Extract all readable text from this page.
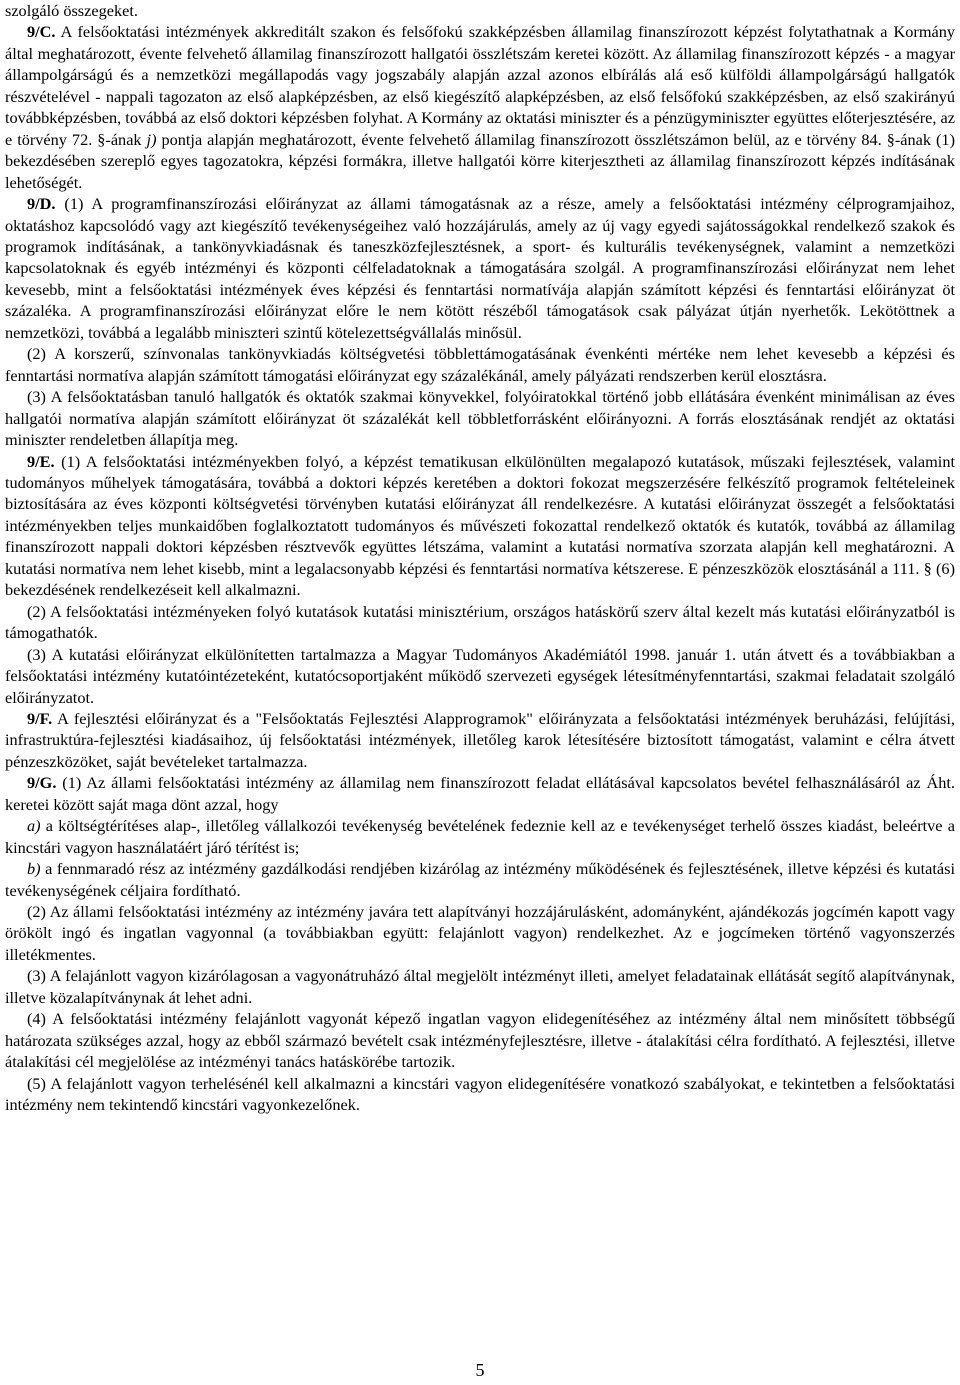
szolgáló összegeket.

9/C. A felsőoktatási intézmények akkreditált szakon és felsőfokú szakképzésben államilag finanszírozott képzést folytathatnak a Kormány által meghatározott, évente felvehető államilag finanszírozott hallgatói összlétszám keretei között. Az államilag finanszírozott képzés - a magyar állampolgárságú és a nemzetközi megállapodás vagy jogszabály alapján azzal azonos elbírálás alá eső külföldi állampolgárságú hallgatók részvételével - nappali tagozaton az első alapképzésben, az első kiegészítő alapképzésben, az első felsőfokú szakképzésben, az első szakirányú továbbképzésben, továbbá az első doktori képzésben folyhat. A Kormány az oktatási miniszter és a pénzügyminiszter együttes előterjesztésére, az e törvény 72. §-ának j) pontja alapján meghatározott, évente felvehető államilag finanszírozott összlétszámon belül, az e törvény 84. §-ának (1) bekezdésében szereplő egyes tagozatokra, képzési formákra, illetve hallgatói körre kiterjesztheti az államilag finanszírozott képzés indításának lehetőségét.

9/D. (1) A programfinanszírozási előirányzat az állami támogatásnak az a része, amely a felsőoktatási intézmény célprogramjaihoz, oktatáshoz kapcsolódó vagy azt kiegészítő tevékenységeihez való hozzájárulás, amely az új vagy egyedi sajátosságokkal rendelkező szakok és programok indításának, a tankönyvkiadásnak és taneszközfejlesztésnek, a sport- és kulturális tevékenységnek, valamint a nemzetközi kapcsolatoknak és egyéb intézményi és központi célfeladatoknak a támogatására szolgál. A programfinanszírozási előirányzat nem lehet kevesebb, mint a felsőoktatási intézmények éves képzési és fenntartási normatívája alapján számított képzési és fenntartási előirányzat öt százaléka. A programfinanszírozási előirányzat előre le nem kötött részéből támogatások csak pályázat útján nyerhetők. Lekötöttnek a nemzetközi, továbbá a legalább miniszteri szintű kötelezettségvállalás minősül.

(2) A korszerű, színvonalas tankönyvkiadás költségvetési többlettámogatásának évenkénti mértéke nem lehet kevesebb a képzési és fenntartási normatíva alapján számított támogatási előirányzat egy százalékánál, amely pályázati rendszerben kerül elosztásra.

(3) A felsőoktatásban tanuló hallgatók és oktatók szakmai könyvekkel, folyóiratokkal történő jobb ellátására évenként minimálisan az éves hallgatói normatíva alapján számított előirányzat öt százalékát kell többletforrásként előirányozni. A forrás elosztásának rendjét az oktatási miniszter rendeletben állapítja meg.

9/E. (1) A felsőoktatási intézményekben folyó, a képzést tematikusan elkülönülten megalapozó kutatások, műszaki fejlesztések, valamint tudományos műhelyek támogatására, továbbá a doktori képzés keretében a doktori fokozat megszerzésére felkészítő programok feltételeinek biztosítására az éves központi költségvetési törvényben kutatási előirányzat áll rendelkezésre. A kutatási előirányzat összegét a felsőoktatási intézményekben teljes munkaidőben foglalkoztatott tudományos és művészeti fokozattal rendelkező oktatók és kutatók, továbbá az államilag finanszírozott nappali doktori képzésben résztvevők együttes létszáma, valamint a kutatási normatíva szorzata alapján kell meghatározni. A kutatási normatíva nem lehet kisebb, mint a legalacsonyabb képzési és fenntartási normatíva kétszerese. E pénzeszközök elosztásánál a 111. § (6) bekezdésének rendelkezéseit kell alkalmazni.

(2) A felsőoktatási intézményeken folyó kutatások kutatási minisztérium, országos hatáskörű szerv által kezelt más kutatási előirányzatból is támogathatók.

(3) A kutatási előirányzat elkülönítetten tartalmazza a Magyar Tudományos Akadémiától 1998. január 1. után átvett és a továbbiakban a felsőoktatási intézmény kutatóintézeteként, kutatócsoportjaként működő szervezeti egységek létesítményfenntartási, szakmai feladatait szolgáló előirányzatot.

9/F. A fejlesztési előirányzat és a "Felsőoktatás Fejlesztési Alapprogramok" előirányzata a felsőoktatási intézmények beruházási, felújítási, infrastruktúra-fejlesztési kiadásaihoz, új felsőoktatási intézmények, illetőleg karok létesítésére biztosított támogatást, valamint e célra átvett pénzeszközöket, saját bevételeket tartalmazza.

9/G. (1) Az állami felsőoktatási intézmény az államilag nem finanszírozott feladat ellátásával kapcsolatos bevétel felhasználásáról az Áht. keretei között saját maga dönt azzal, hogy

a) a költségtérítéses alap-, illetőleg vállalkozói tevékenység bevételének fedeznie kell az e tevékenységet terhelő összes kiadást, beleértve a kincstári vagyon használatáért járó térítést is;

b) a fennmaradó rész az intézmény gazdálkodási rendjében kizárólag az intézmény működésének és fejlesztésének, illetve képzési és kutatási tevékenységének céljaira fordítható.

(2) Az állami felsőoktatási intézmény az intézmény javára tett alapítványi hozzájárulásként, adományként, ajándékozás jogcímén kapott vagy örökölt ingó és ingatlan vagyonnal (a továbbiakban együtt: felajánlott vagyon) rendelkezhet. Az e jogcímeken történő vagyonszerzés illetékmentes.

(3) A felajánlott vagyon kizárólagosan a vagyonátruházó által megjelölt intézményt illeti, amelyet feladatainak ellátását segítő alapítványnak, illetve közalapítványnak át lehet adni.

(4) A felsőoktatási intézmény felajánlott vagyonát képező ingatlan vagyon elidegenítéséhez az intézmény által nem minősített többségű határozata szükséges azzal, hogy az ebből származó bevételt csak intézményfejlesztésre, illetve - átalakítási célra fordítható. A fejlesztési, illetve átalakítási cél megjelölése az intézményi tanács hatáskörébe tartozik.

(5) A felajánlott vagyon terhelésénél kell alkalmazni a kincstári vagyon elidegenítésére vonatkozó szabályokat, e tekintetben a felsőoktatási intézmény nem tekintendő kincstári vagyonkezelőnek.

5
